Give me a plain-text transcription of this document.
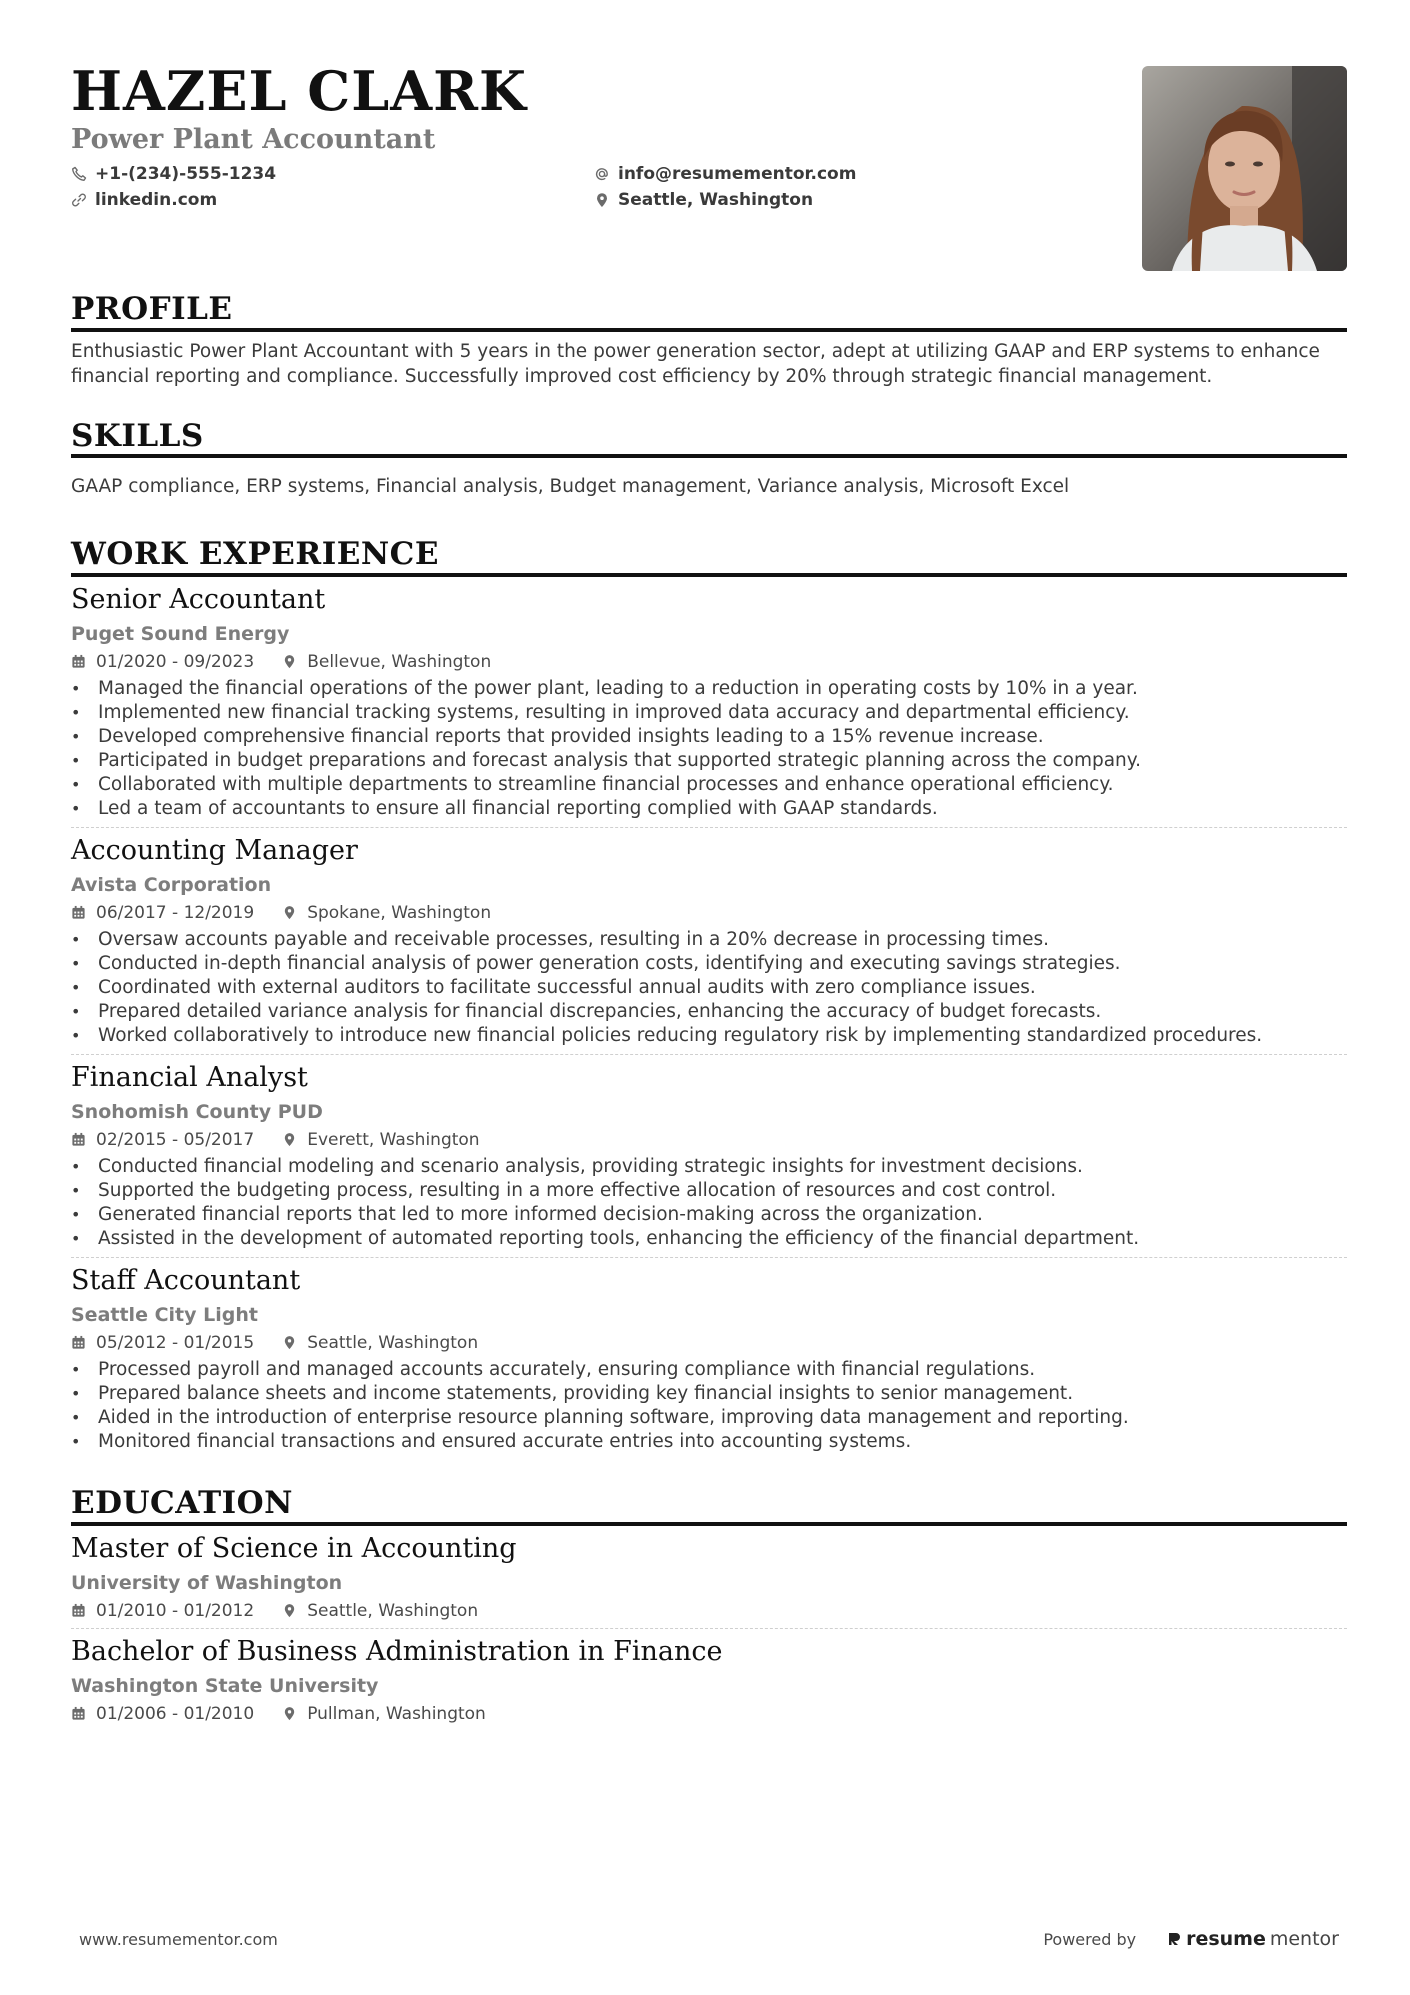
HAZEL CLARK
Power Plant Accountant
+1-(234)-555-1234	info@resumementor.com
linkedin.com	Seattle, Washington
PROFILE
Enthusiastic Power Plant Accountant with 5 years in the power generation sector, adept at utilizing GAAP and ERP systems to enhance financial reporting and compliance. Successfully improved cost efficiency by 20% through strategic financial management.
SKILLS
GAAP compliance, ERP systems, Financial analysis, Budget management, Variance analysis, Microsoft Excel
WORK EXPERIENCE
Senior Accountant
Puget Sound Energy
01/2020 - 09/2023	Bellevue, Washington
• Managed the financial operations of the power plant, leading to a reduction in operating costs by 10% in a year.
• Implemented new financial tracking systems, resulting in improved data accuracy and departmental efficiency.
• Developed comprehensive financial reports that provided insights leading to a 15% revenue increase.
• Participated in budget preparations and forecast analysis that supported strategic planning across the company.
• Collaborated with multiple departments to streamline financial processes and enhance operational efficiency.
• Led a team of accountants to ensure all financial reporting complied with GAAP standards.
Accounting Manager
Avista Corporation
06/2017 - 12/2019	Spokane, Washington
• Oversaw accounts payable and receivable processes, resulting in a 20% decrease in processing times.
• Conducted in-depth financial analysis of power generation costs, identifying and executing savings strategies.
• Coordinated with external auditors to facilitate successful annual audits with zero compliance issues.
• Prepared detailed variance analysis for financial discrepancies, enhancing the accuracy of budget forecasts.
• Worked collaboratively to introduce new financial policies reducing regulatory risk by implementing standardized procedures.
Financial Analyst
Snohomish County PUD
02/2015 - 05/2017	Everett, Washington
• Conducted financial modeling and scenario analysis, providing strategic insights for investment decisions.
• Supported the budgeting process, resulting in a more effective allocation of resources and cost control.
• Generated financial reports that led to more informed decision-making across the organization.
• Assisted in the development of automated reporting tools, enhancing the efficiency of the financial department.
Staff Accountant
Seattle City Light
05/2012 - 01/2015	Seattle, Washington
• Processed payroll and managed accounts accurately, ensuring compliance with financial regulations.
• Prepared balance sheets and income statements, providing key financial insights to senior management.
• Aided in the introduction of enterprise resource planning software, improving data management and reporting.
• Monitored financial transactions and ensured accurate entries into accounting systems.
EDUCATION
Master of Science in Accounting
University of Washington
01/2010 - 01/2012	Seattle, Washington
Bachelor of Business Administration in Finance
Washington State University
01/2006 - 01/2010	Pullman, Washington
www.resumementor.com	Powered by	resume mentor
